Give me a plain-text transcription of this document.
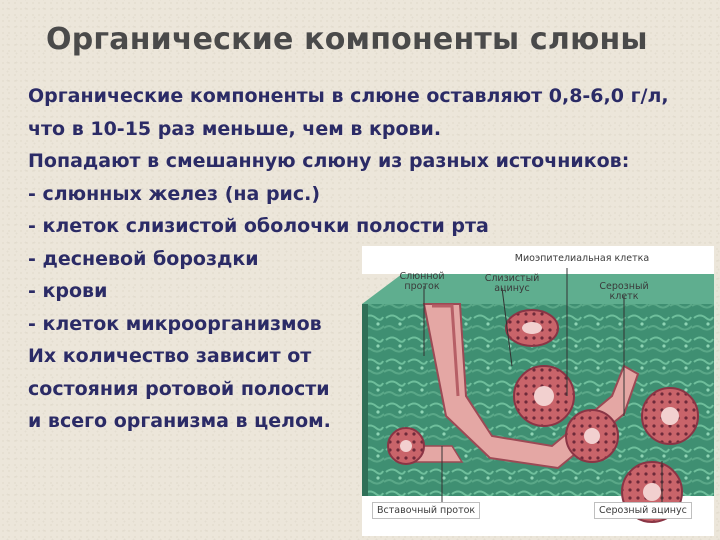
Органические компоненты слюны
Органические компоненты в слюне оставляют 0,8-6,0 г/л,
что в 10-15 раз меньше, чем в крови.
Попадают в смешанную слюну из разных источников:
- слюнных желез (на рис.)
- клеток слизистой оболочки полости рта
- десневой бороздки
- крови
- клеток микроорганизмов
Их количество зависит от
состояния ротовой полости
и всего организма в целом.
Миоэпителиальная клетка
Слюнной проток
Слизистый ацинус	Серозный клетк
Вставочный проток	Серозный ацинус
